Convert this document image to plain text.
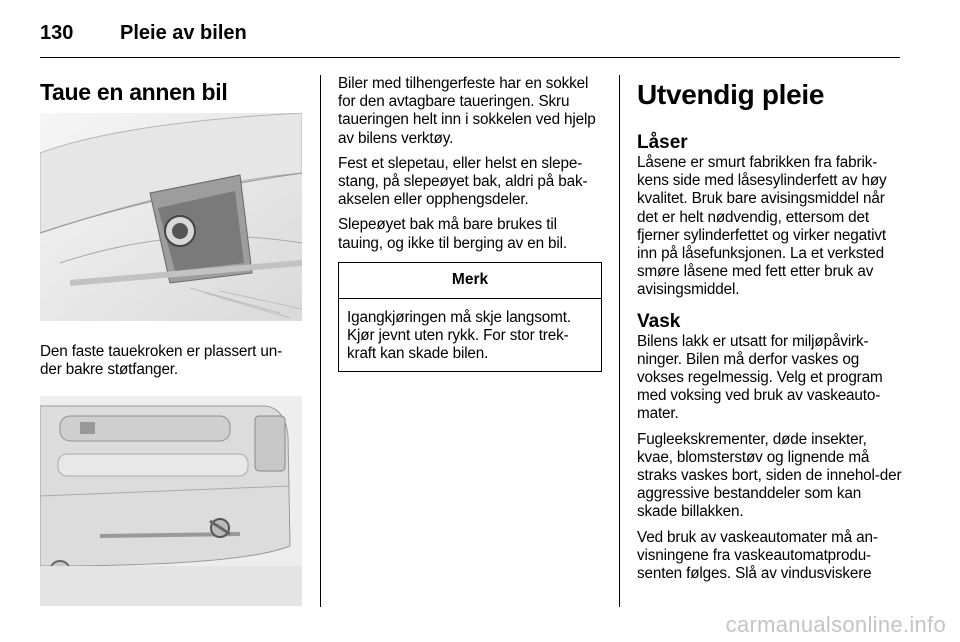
130 Pleie av bilen
Taue en annen bil

Den faste tauekroken er plassert un-der bakre støtfanger.

Biler med tilhengerfeste har en sokkel for den avtagbare taueringen. Skru taueringen helt inn i sokkelen ved hjelp av bilens verktøy.

Fest et slepetau, eller helst en slepe-stang, på slepeøyet bak, aldri på bak-akselen eller opphengsdeler.

Slepeøyet bak må bare brukes til tauing, og ikke til berging av en bil.

Merk

Igangkjøringen må skje langsomt. Kjør jevnt uten rykk. For stor trek-kraft kan skade bilen.

Utvendig pleie
Låser

Låsene er smurt fabrikken fra fabrik-kens side med låsesylinderfett av høy kvalitet. Bruk bare avisingsmiddel når det er helt nødvendig, ettersom det fjerner sylinderfettet og virker negativt inn på låsefunksjonen. La et verksted smøre låsene med fett etter bruk av avisingsmiddel.

Vask

Bilens lakk er utsatt for miljøpåvirk-ninger. Bilen må derfor vaskes og vokses regelmessig. Velg et program med voksing ved bruk av vaskeauto-mater.

Fugleekskrementer, døde insekter, kvae, blomsterstøv og lignende må straks vaskes bort, siden de innehol-der aggressive bestanddeler som kan skade billakken.

Ved bruk av vaskeautomater må an-visningene fra vaskeautomatprodu-senten følges. Slå av vindusviskere

carmanualsonline.info
